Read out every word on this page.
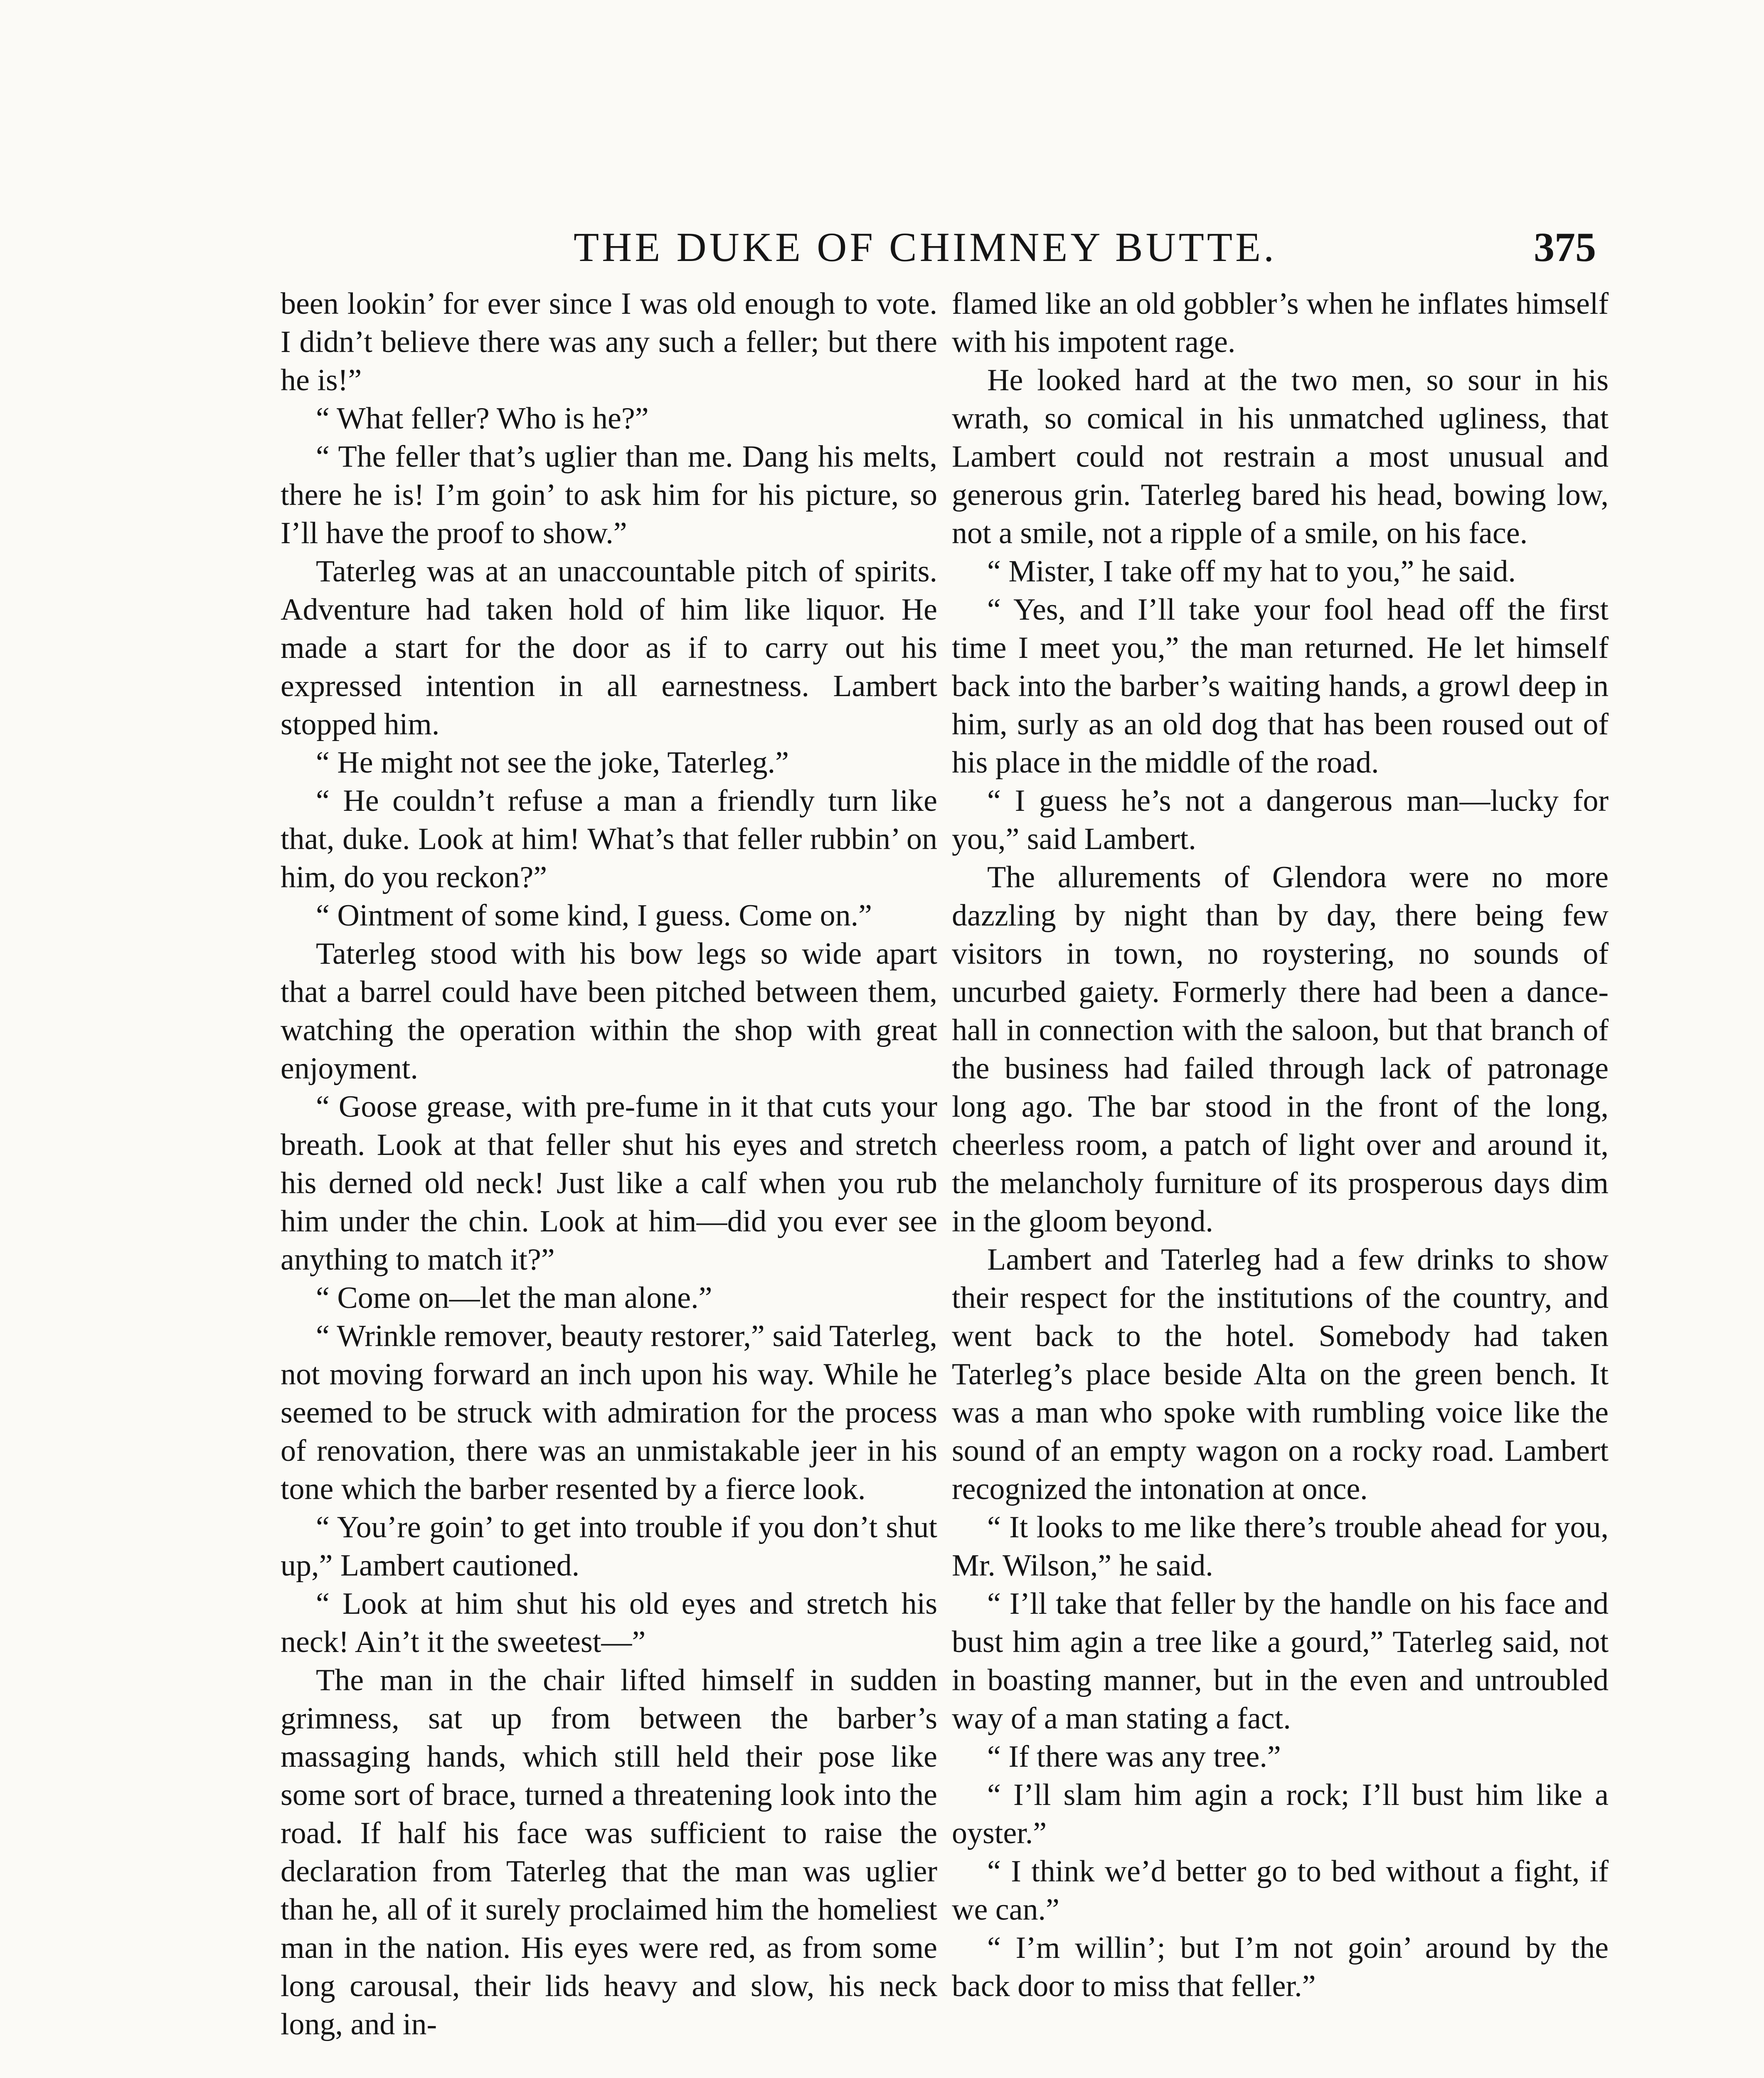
THE DUKE OF CHIMNEY BUTTE.	375

been lookin’ for ever since I was old enough to vote. I didn’t believe there was any such a feller; but there he is!”

“ What feller? Who is he?”

“ The feller that’s uglier than me. Dang his melts, there he is! I’m goin’ to ask him for his picture, so I’ll have the proof to show.”

Taterleg was at an unaccountable pitch of spirits. Adventure had taken hold of him like liquor. He made a start for the door as if to carry out his expressed intention in all earnestness. Lambert stopped him.

“ He might not see the joke, Taterleg.”

“ He couldn’t refuse a man a friendly turn like that, duke. Look at him! What’s that feller rubbin’ on him, do you reckon?”

“ Ointment of some kind, I guess. Come on.”

Taterleg stood with his bow legs so wide apart that a barrel could have been pitched between them, watching the operation within the shop with great enjoyment.

“ Goose grease, with pre-fume in it that cuts your breath. Look at that feller shut his eyes and stretch his derned old neck! Just like a calf when you rub him under the chin. Look at him—did you ever see anything to match it?”

“ Come on—let the man alone.”

“ Wrinkle remover, beauty restorer,” said Taterleg, not moving forward an inch upon his way. While he seemed to be struck with admiration for the process of renovation, there was an unmistakable jeer in his tone which the barber resented by a fierce look.

“ You’re goin’ to get into trouble if you don’t shut up,” Lambert cautioned.

“ Look at him shut his old eyes and stretch his neck! Ain’t it the sweetest—”

The man in the chair lifted himself in sudden grimness, sat up from between the barber’s massaging hands, which still held their pose like some sort of brace, turned a threatening look into the road. If half his face was sufficient to raise the declaration from Taterleg that the man was uglier than he, all of it surely proclaimed him the homeliest man in the nation. His eyes were red, as from some long carousal, their lids heavy and slow, his neck long, and in-

flamed like an old gobbler’s when he inflates himself with his impotent rage.

He looked hard at the two men, so sour in his wrath, so comical in his unmatched ugliness, that Lambert could not restrain a most unusual and generous grin. Taterleg bared his head, bowing low, not a smile, not a ripple of a smile, on his face.

“ Mister, I take off my hat to you,” he said.

“ Yes, and I’ll take your fool head off the first time I meet you,” the man returned. He let himself back into the barber’s waiting hands, a growl deep in him, surly as an old dog that has been roused out of his place in the middle of the road.

“ I guess he’s not a dangerous man—lucky for you,” said Lambert.

The allurements of Glendora were no more dazzling by night than by day, there being few visitors in town, no roystering, no sounds of uncurbed gaiety. Formerly there had been a dance-hall in connection with the saloon, but that branch of the business had failed through lack of patronage long ago. The bar stood in the front of the long, cheerless room, a patch of light over and around it, the melancholy furniture of its prosperous days dim in the gloom beyond.

Lambert and Taterleg had a few drinks to show their respect for the institutions of the country, and went back to the hotel. Somebody had taken Taterleg’s place beside Alta on the green bench. It was a man who spoke with rumbling voice like the sound of an empty wagon on a rocky road. Lambert recognized the intonation at once.

“ It looks to me like there’s trouble ahead for you, Mr. Wilson,” he said.

“ I’ll take that feller by the handle on his face and bust him agin a tree like a gourd,” Taterleg said, not in boasting manner, but in the even and untroubled way of a man stating a fact.

“ If there was any tree.”

“ I’ll slam him agin a rock; I’ll bust him like a oyster.”

“ I think we’d better go to bed without a fight, if we can.”

“ I’m willin’; but I’m not goin’ around by the back door to miss that feller.”
